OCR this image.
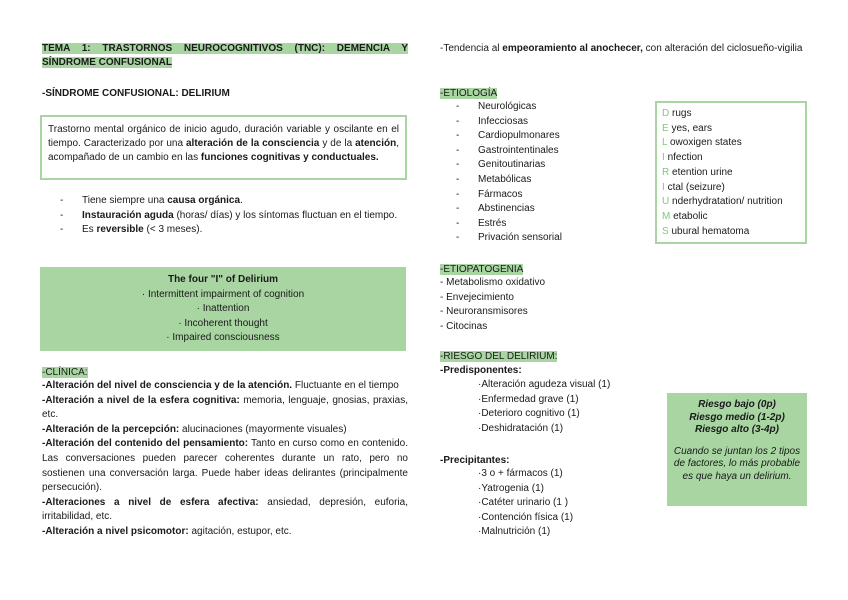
TEMA 1: TRASTORNOS NEUROCOGNITIVOS (TNC): DEMENCIA Y SÍNDROME CONFUSIONAL
-SÍNDROME CONFUSIONAL: DELIRIUM

Trastorno mental orgánico de inicio agudo, duración variable y oscilante en el tiempo. Caracterizado por una alteración de la consciencia y de la atención, acompañado de un cambio en las funciones cognitivas y conductuales.

- Tiene siempre una causa orgánica.
- Instauración aguda (horas/ días) y los síntomas fluctuan en el tiempo.
- Es reversible (< 3 meses).
The four "I" of Delirium
· Intermittent impairment of cognition
· Inattention
· Incoherent thought
· Impaired consciousness
-CLÍNICA:

-Alteración del nivel de consciencia y de la atención. Fluctuante en el tiempo

-Alteración a nivel de la esfera cognitiva: memoria, lenguaje, gnosias, praxias, etc.

-Alteración de la percepción: alucinaciones (mayormente visuales)

-Alteración del contenido del pensamiento: Tanto en curso como en contenido. Las conversaciones pueden parecer coherentes durante un rato, pero no sostienen una conversación larga. Puede haber ideas delirantes (principalmente persecución).

-Alteraciones a nivel de esfera afectiva: ansiedad, depresión, euforia, irritabilidad, etc.

-Alteración a nivel psicomotor: agitación, estupor, etc.

-Tendencia al empeoramiento al anochecer, con alteración del ciclosueño-vigilia

-ETIOLOGÍA
- Neurológicas
- Infecciosas
- Cardiopulmonares
- Gastrointentinales
- Genitoutinarias
- Metabólicas
- Fármacos
- Abstinencias
- Estrés
- Privación sensorial
D rugs
E yes, ears
L owoxigen states
I nfection
R etention urine
I ctal (seizure)
U nderhydratation/ nutrition
M etabolic
S ubural hematoma
-ETIOPATOGENIA
- Metabolismo oxidativo
- Envejecimiento
- Neuroransmisores
- Citocinas
-RIESGO DEL DELIRIUM:
-Predisponentes:
·Alteración agudeza visual (1)
·Enfermedad grave (1)
·Deterioro cognitivo (1)
·Deshidratación (1)
-Precipitantes:
·3 o + fármacos (1)
·Yatrogenia (1)
·Catéter urinario (1 )
·Contención física (1)
·Malnutrición (1)
Riesgo bajo (0p)
Riesgo medio (1-2p)
Riesgo alto (3-4p)
Cuando se juntan los 2 tipos de factores, lo más probable es que haya un delirium.
